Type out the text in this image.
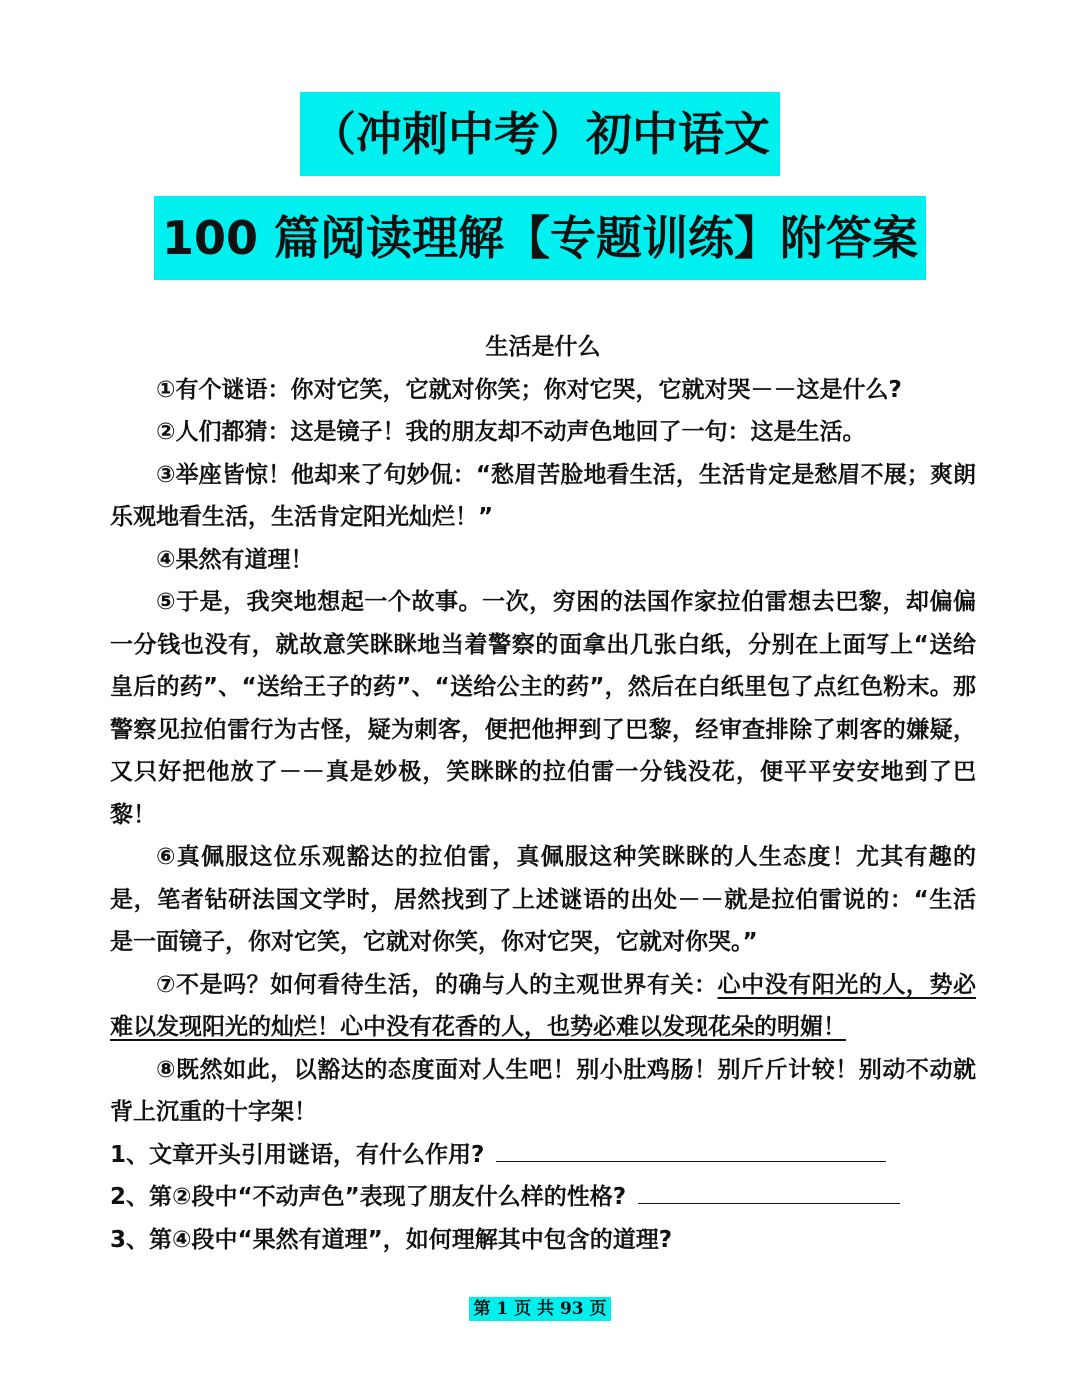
（冲刺中考）初中语文
100 篇阅读理解【专题训练】附答案

生活是什么

①有个谜语：你对它笑，它就对你笑；你对它哭，它就对哭－－这是什么?

②人们都猜：这是镜子！我的朋友却不动声色地回了一句：这是生活。

③举座皆惊！他却来了句妙侃：“愁眉苦脸地看生活，生活肯定是愁眉不展；爽朗乐观地看生活，生活肯定阳光灿烂！”

④果然有道理！

⑤于是，我突地想起一个故事。一次，穷困的法国作家拉伯雷想去巴黎，却偏偏一分钱也没有，就故意笑眯眯地当着警察的面拿出几张白纸，分别在上面写上“送给皇后的药”、“送给王子的药”、“送给公主的药”，然后在白纸里包了点红色粉末。那警察见拉伯雷行为古怪，疑为刺客，便把他押到了巴黎，经审查排除了刺客的嫌疑，又只好把他放了－－真是妙极，笑眯眯的拉伯雷一分钱没花，便平平安安地到了巴黎！

⑥真佩服这位乐观豁达的拉伯雷，真佩服这种笑眯眯的人生态度！尤其有趣的是，笔者钻研法国文学时，居然找到了上述谜语的出处－－就是拉伯雷说的：“生活是一面镜子，你对它笑，它就对你笑，你对它哭，它就对你哭。”

⑦不是吗？如何看待生活，的确与人的主观世界有关：心中没有阳光的人，势必难以发现阳光的灿烂！心中没有花香的人，也势必难以发现花朵的明媚！

⑧既然如此，以豁达的态度面对人生吧！别小肚鸡肠！别斤斤计较！别动不动就背上沉重的十字架！

1、文章开头引用谜语，有什么作用?

2、第②段中“不动声色”表现了朋友什么样的性格?

3、第④段中“果然有道理”，如何理解其中包含的道理?

第 1 页 共 93 页
